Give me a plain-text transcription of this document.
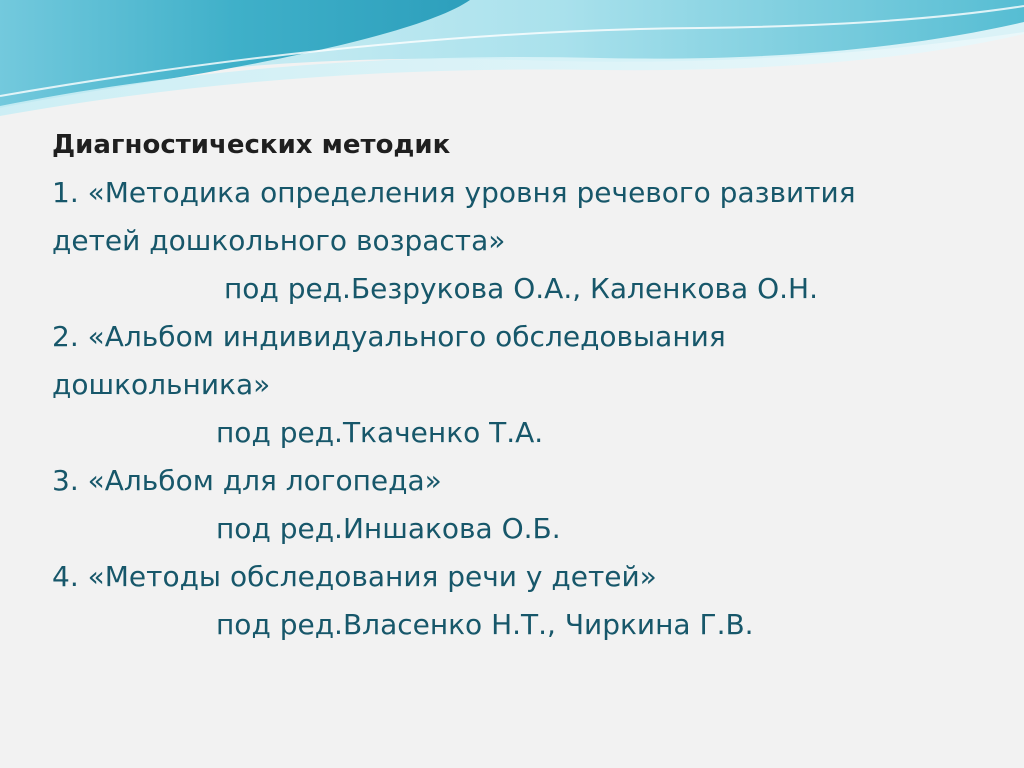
Диагностических методик
1. «Методика определения уровня речевого развития
детей дошкольного возраста»
под ред.Безрукова О.А., Каленкова О.Н.
2. «Альбом индивидуального обследовыания
дошкольника»
под ред.Ткаченко Т.А.
3. «Альбом для логопеда»
под ред.Иншакова О.Б.
4. «Методы обследования речи у детей»
под ред.Власенко Н.Т., Чиркина Г.В.
